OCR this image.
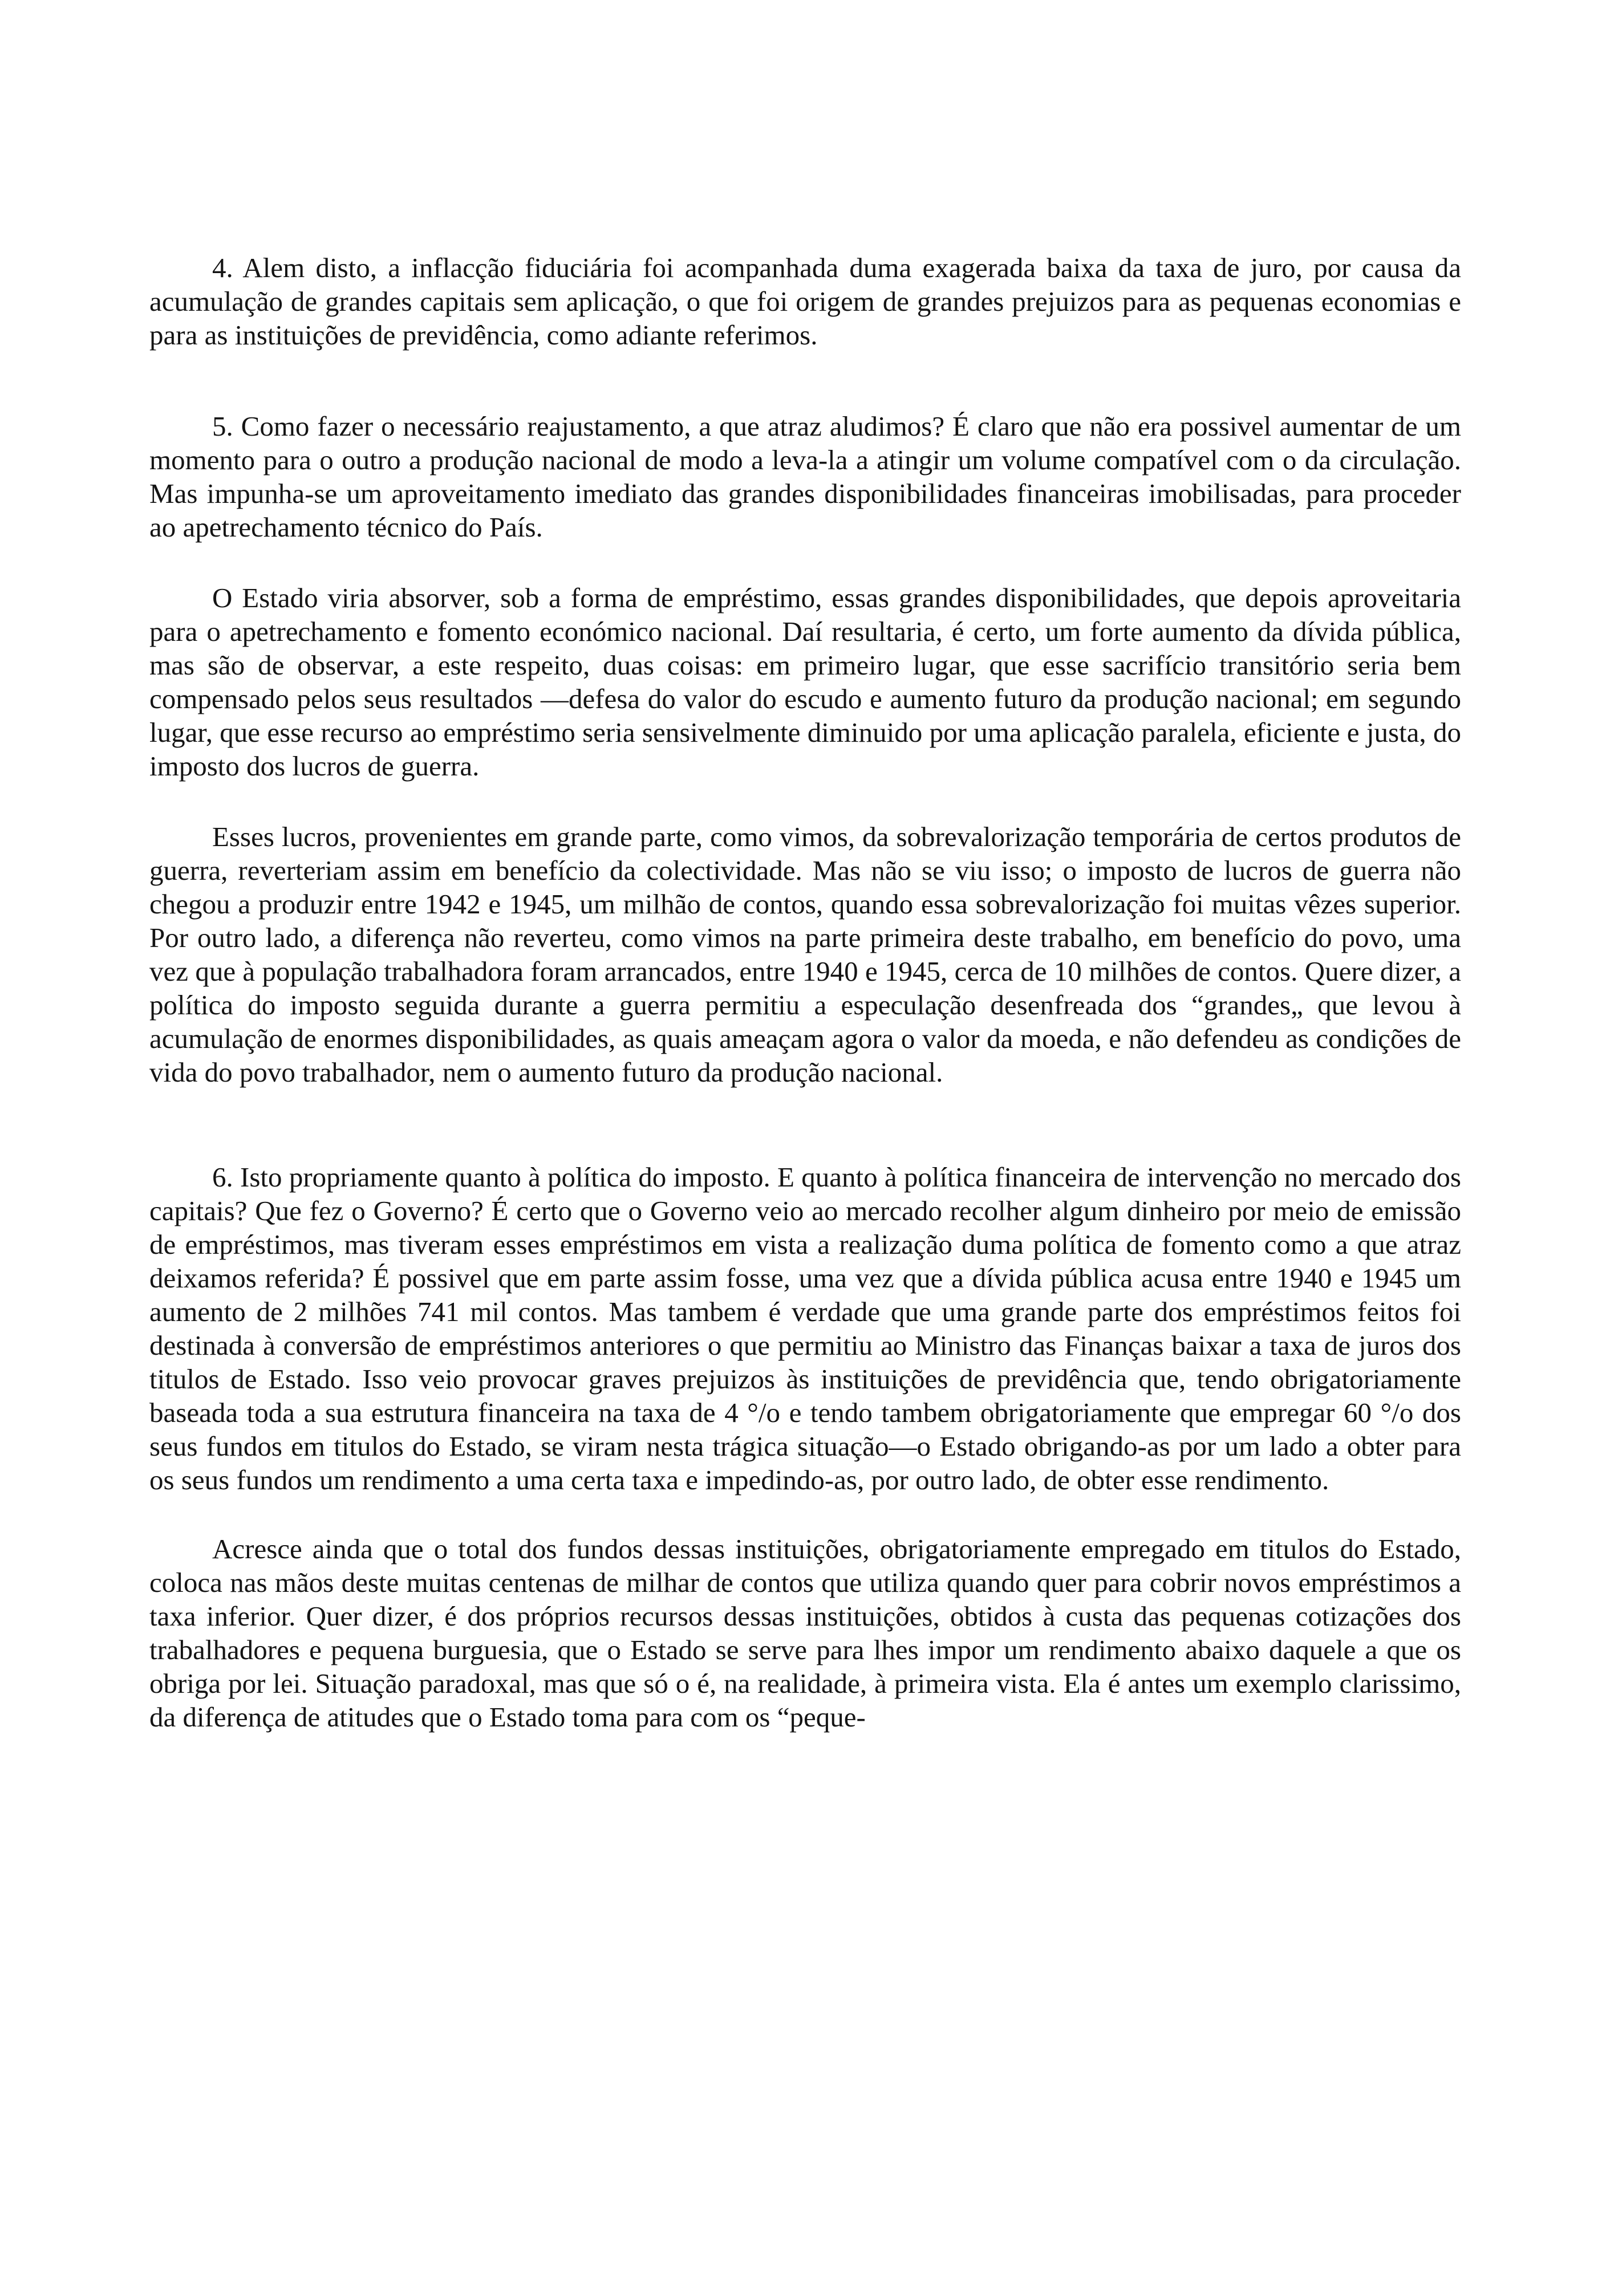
4. Alem disto, a inflacção fiduciária foi acompanhada duma exagerada baixa da taxa de juro, por causa da acumulação de grandes capitais sem aplicação, o que foi origem de grandes prejuizos para as pequenas economias e para as instituições de previdência, como adiante referimos.

5. Como fazer o necessário reajustamento, a que atraz aludimos? É claro que não era possivel aumentar de um momento para o outro a produção nacional de modo a leva-la a atingir um volume compatível com o da circulação. Mas impunha-se um aproveitamento imediato das grandes disponibilidades financeiras imobilisadas, para proceder ao apetrechamento técnico do País.

O Estado viria absorver, sob a forma de empréstimo, essas grandes disponibilidades, que depois aproveitaria para o apetrechamento e fomento económico nacional. Daí resultaria, é certo, um forte aumento da dívida pública, mas são de observar, a este respeito, duas coisas: em primeiro lugar, que esse sacrifício transitório seria bem compensado pelos seus resultados —defesa do valor do escudo e aumento futuro da produção nacional; em segundo lugar, que esse recurso ao empréstimo seria sensivelmente diminuido por uma aplicação paralela, eficiente e justa, do imposto dos lucros de guerra.

Esses lucros, provenientes em grande parte, como vimos, da sobrevalorização temporária de certos produtos de guerra, reverteriam assim em benefício da colectividade. Mas não se viu isso; o imposto de lucros de guerra não chegou a produzir entre 1942 e 1945, um milhão de contos, quando essa sobrevalorização foi muitas vêzes superior. Por outro lado, a diferença não reverteu, como vimos na parte primeira deste trabalho, em benefício do povo, uma vez que à população trabalhadora foram arrancados, entre 1940 e 1945, cerca de 10 milhões de contos. Quere dizer, a política do imposto seguida durante a guerra permitiu a especulação desenfreada dos “grandes„ que levou à acumulação de enormes disponibilidades, as quais ameaçam agora o valor da moeda, e não defendeu as condições de vida do povo trabalhador, nem o aumento futuro da produção nacional.

6. Isto propriamente quanto à política do imposto. E quanto à política financeira de intervenção no mercado dos capitais? Que fez o Governo? É certo que o Governo veio ao mercado recolher algum dinheiro por meio de emissão de empréstimos, mas tiveram esses empréstimos em vista a realização duma política de fomento como a que atraz deixamos referida? É possivel que em parte assim fosse, uma vez que a dívida pública acusa entre 1940 e 1945 um aumento de 2 milhões 741 mil contos. Mas tambem é verdade que uma grande parte dos empréstimos feitos foi destinada à conversão de empréstimos anteriores o que permitiu ao Ministro das Finanças baixar a taxa de juros dos titulos de Estado. Isso veio provocar graves prejuizos às instituições de previdência que, tendo obrigatoriamente baseada toda a sua estrutura financeira na taxa de 4 °/o e tendo tambem obrigatoriamente que empregar 60 °/o dos seus fundos em titulos do Estado, se viram nesta trágica situação—o Estado obrigando-as por um lado a obter para os seus fundos um rendimento a uma certa taxa e impedindo-as, por outro lado, de obter esse rendimento.

Acresce ainda que o total dos fundos dessas instituições, obrigatoriamente empregado em titulos do Estado, coloca nas mãos deste muitas centenas de milhar de contos que utiliza quando quer para cobrir novos empréstimos a taxa inferior. Quer dizer, é dos próprios recursos dessas instituições, obtidos à custa das pequenas cotizações dos trabalhadores e pequena burguesia, que o Estado se serve para lhes impor um rendimento abaixo daquele a que os obriga por lei. Situação paradoxal, mas que só o é, na realidade, à primeira vista. Ela é antes um exemplo clarissimo, da diferença de atitudes que o Estado toma para com os “peque-
